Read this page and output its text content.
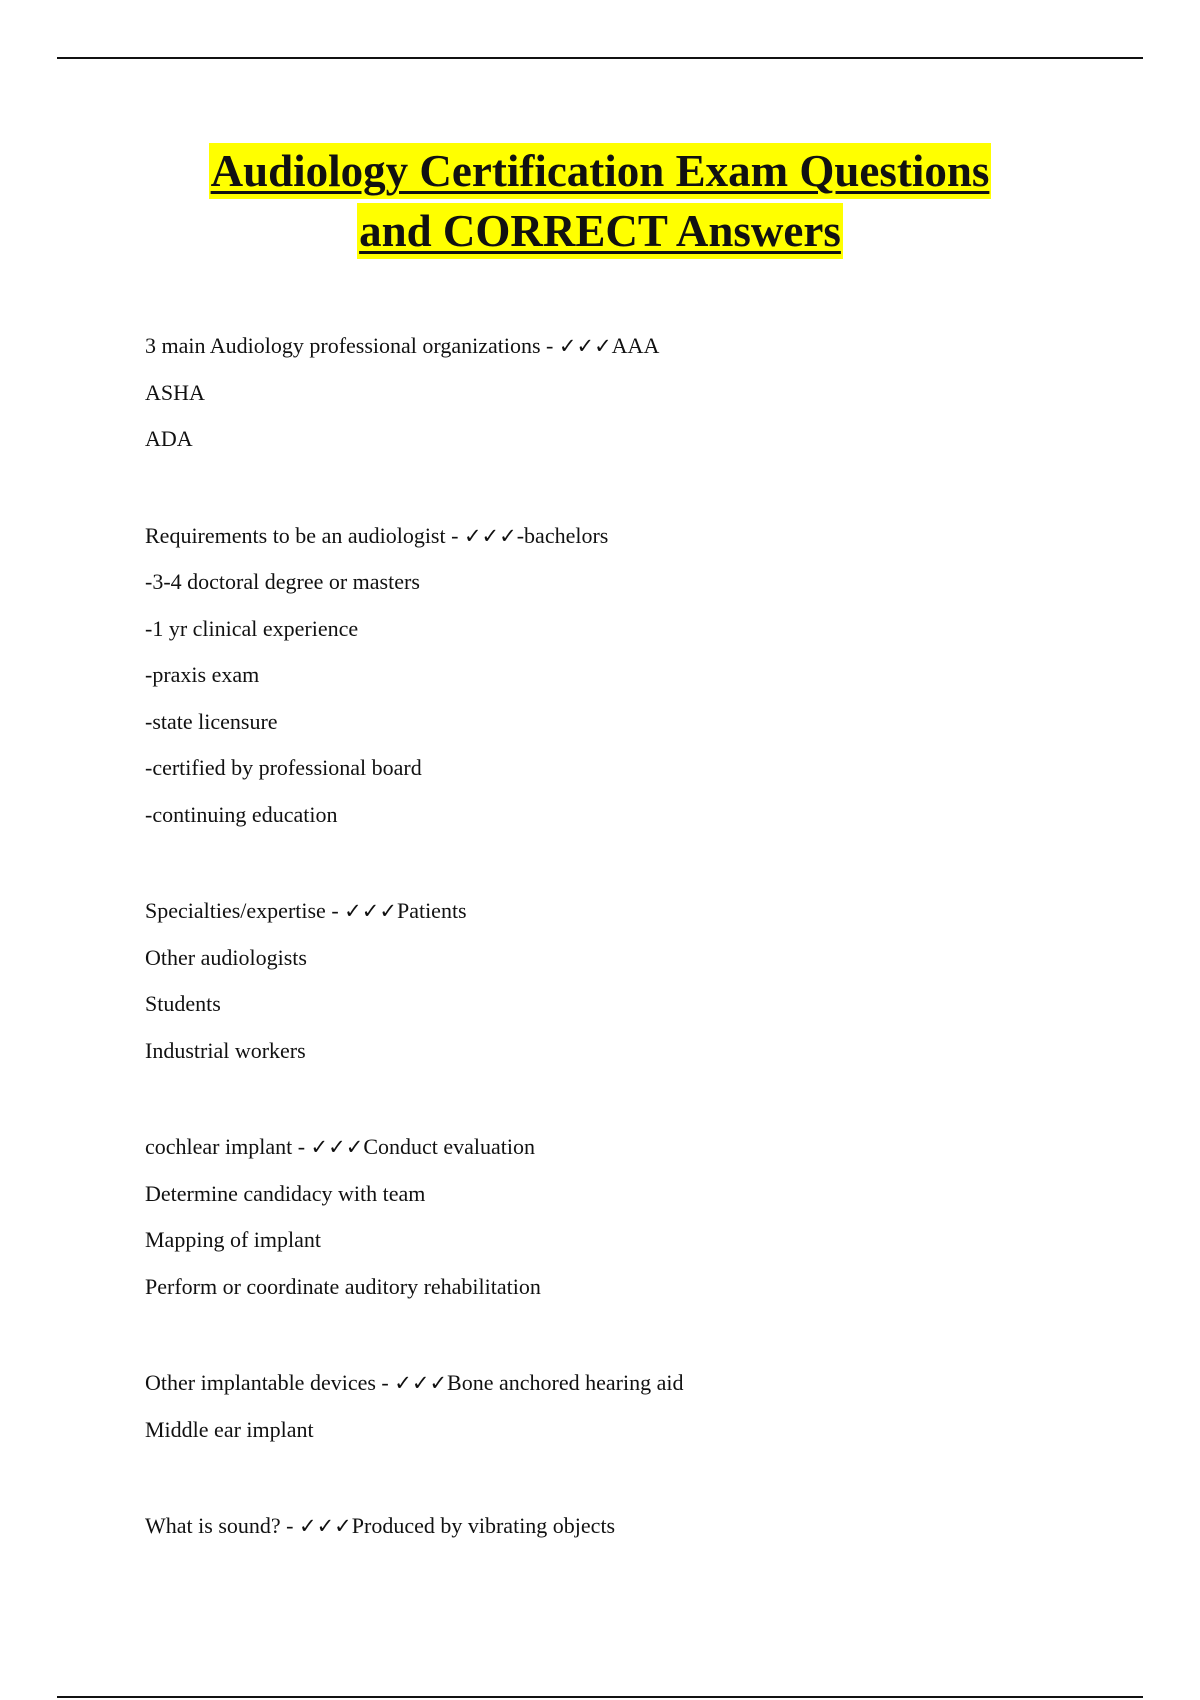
Audiology Certification Exam Questions
and CORRECT Answers
3 main Audiology professional organizations - ✓✓✓AAA
ASHA
ADA
Requirements to be an audiologist - ✓✓✓-bachelors
-3-4 doctoral degree or masters
-1 yr clinical experience
-praxis exam
-state licensure
-certified by professional board
-continuing education
Specialties/expertise - ✓✓✓Patients
Other audiologists
Students
Industrial workers
cochlear implant - ✓✓✓Conduct evaluation
Determine candidacy with team
Mapping of implant
Perform or coordinate auditory rehabilitation
Other implantable devices - ✓✓✓Bone anchored hearing aid
Middle ear implant
What is sound? - ✓✓✓Produced by vibrating objects
